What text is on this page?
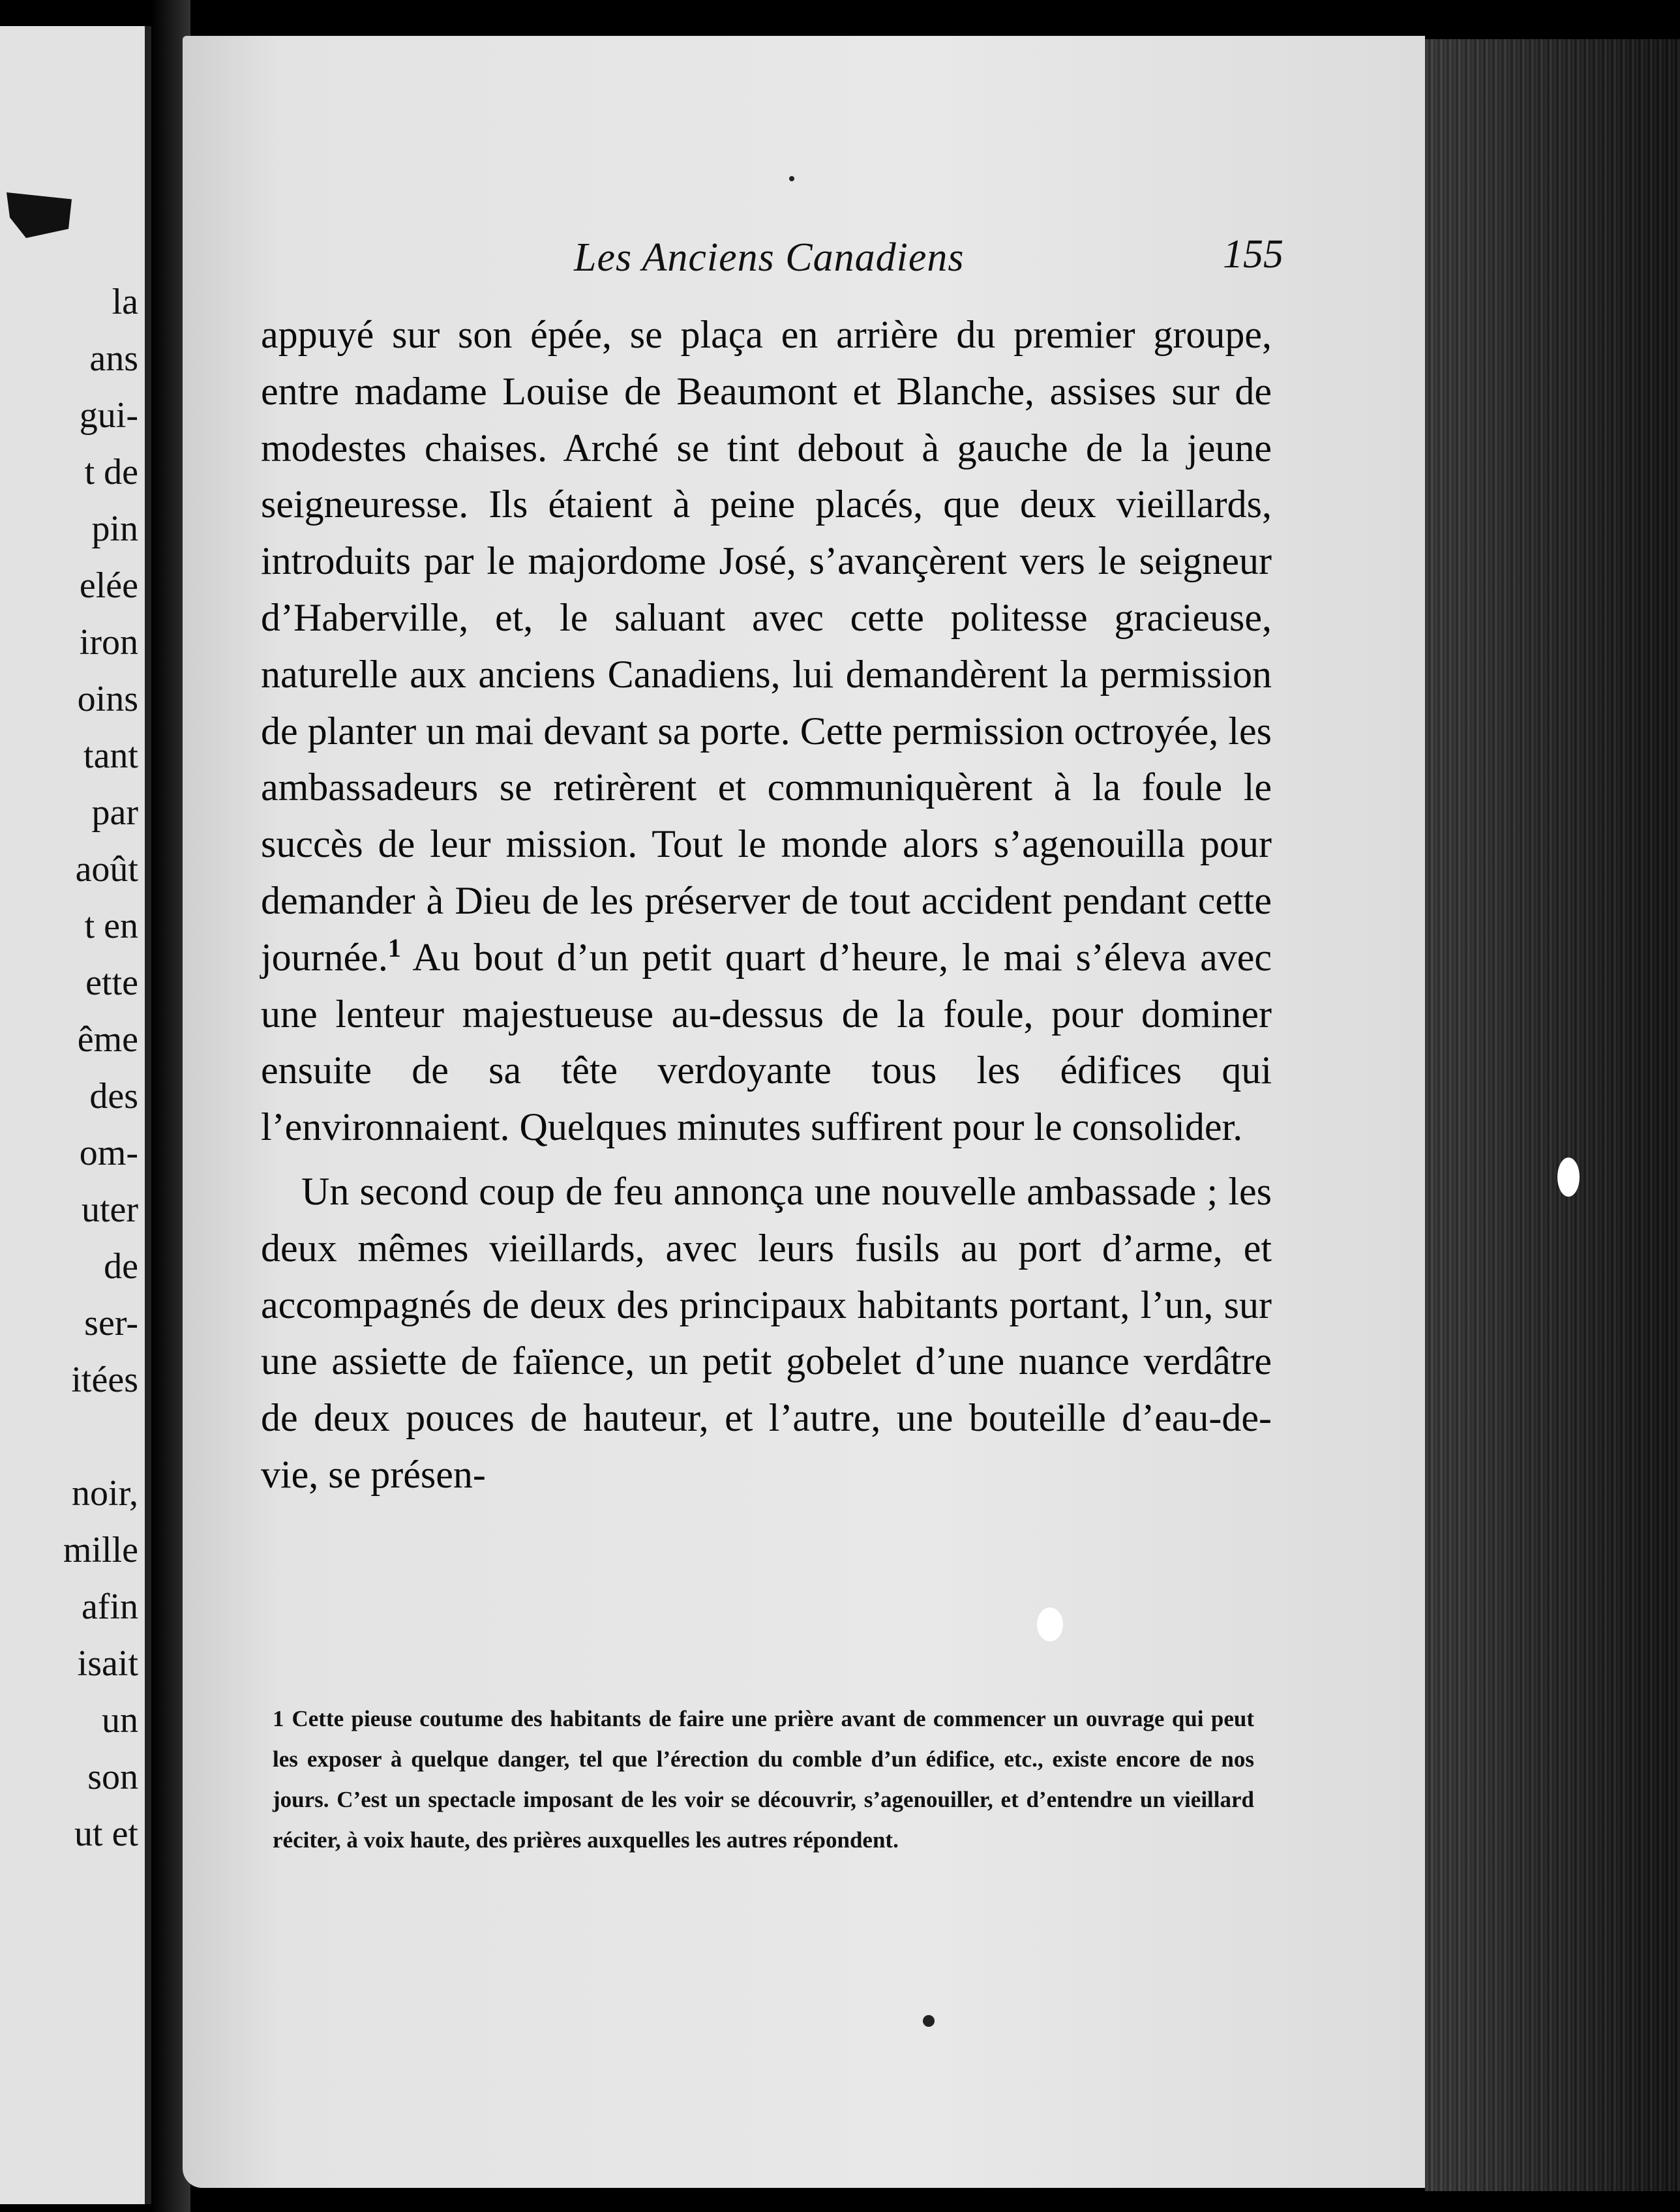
la
ans
gui-
t de
pin
elée
iron
oins
tant
par
août
t en
ette
ême
des
om-
uter
de
ser-
itées

noir,
mille
afin
isait
un
son
ut et
Les Anciens Canadiens	155

appuyé sur son épée, se plaça en arrière du premier groupe, entre madame Louise de Beaumont et Blanche, assises sur de modestes chaises. Arché se tint debout à gauche de la jeune seigneuresse. Ils étaient à peine placés, que deux vieillards, introduits par le majordome José, s’avançèrent vers le seigneur d’Haberville, et, le saluant avec cette politesse gracieuse, naturelle aux anciens Canadiens, lui demandèrent la permission de planter un mai devant sa porte. Cette permission octroyée, les ambassadeurs se retirèrent et communiquèrent à la foule le succès de leur mission. Tout le monde alors s’agenouilla pour demander à Dieu de les préserver de tout accident pendant cette journée.$^1$ Au bout d’un petit quart d’heure, le mai s’éleva avec une lenteur majestueuse au-dessus de la foule, pour dominer ensuite de sa tête verdoyante tous les édifices qui l’environnaient. Quelques minutes suffirent pour le consolider.

Un second coup de feu annonça une nouvelle ambassade ; les deux mêmes vieillards, avec leurs fusils au port d’arme, et accompagnés de deux des principaux habitants portant, l’un, sur une assiette de faïence, un petit gobelet d’une nuance verdâtre de deux pouces de hauteur, et l’autre, une bouteille d’eau-de-vie, se présen-

1 Cette pieuse coutume des habitants de faire une prière avant de commencer un ouvrage qui peut les exposer à quelque danger, tel que l’érection du comble d’un édifice, etc., existe encore de nos jours. C’est un spectacle imposant de les voir se découvrir, s’agenouiller, et d’entendre un vieillard réciter, à voix haute, des prières auxquelles les autres répondent.
